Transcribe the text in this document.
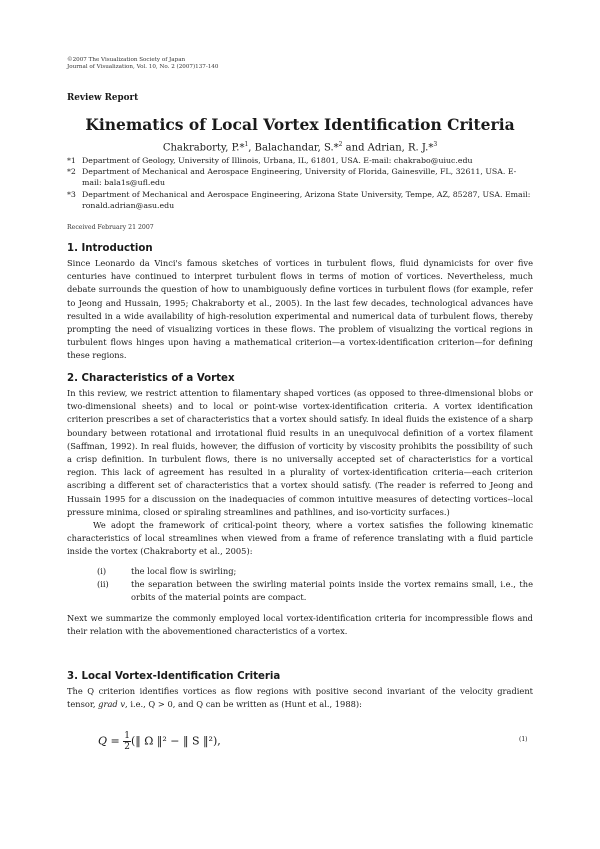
©2007 The Visualization Society of Japan
Journal of Visualization, Vol. 10, No. 2 (2007)137-140
Review Report
Kinematics of Local Vortex Identification Criteria
Chakraborty, P.*$^1$, Balachandar, S.*$^2$ and Adrian, R. J.*$^3$
*1 Department of Geology, University of Illinois, Urbana, IL, 61801, USA. E-mail: chakrabo@uiuc.edu
*2 Department of Mechanical and Aerospace Engineering, University of Florida, Gainesville, FL, 32611, USA. E-mail: bala1s@ufl.edu
*3 Department of Mechanical and Aerospace Engineering, Arizona State University, Tempe, AZ, 85287, USA. Email: ronald.adrian@asu.edu
Received February 21 2007
1. Introduction

Since Leonardo da Vinci's famous sketches of vortices in turbulent flows, fluid dynamicists for over five centuries have continued to interpret turbulent flows in terms of motion of vortices. Nevertheless, much debate surrounds the question of how to unambiguously define vortices in turbulent flows (for example, refer to Jeong and Hussain, 1995; Chakraborty et al., 2005). In the last few decades, technological advances have resulted in a wide availability of high-resolution experimental and numerical data of turbulent flows, thereby prompting the need of visualizing vortices in these flows. The problem of visualizing the vortical regions in turbulent flows hinges upon having a mathematical criterion—a vortex-identification criterion—for defining these regions.

2. Characteristics of a Vortex

In this review, we restrict attention to filamentary shaped vortices (as opposed to three-dimensional blobs or two-dimensional sheets) and to local or point-wise vortex-identification criteria. A vortex identification criterion prescribes a set of characteristics that a vortex should satisfy. In ideal fluids the existence of a sharp boundary between rotational and irrotational fluid results in an unequivocal definition of a vortex filament (Saffman, 1992). In real fluids, however, the diffusion of vorticity by viscosity prohibits the possibility of such a crisp definition. In turbulent flows, there is no universally accepted set of characteristics for a vortical region. This lack of agreement has resulted in a plurality of vortex-identification criteria—each criterion ascribing a different set of characteristics that a vortex should satisfy. (The reader is referred to Jeong and Hussain 1995 for a discussion on the inadequacies of common intuitive measures of detecting vortices--local pressure minima, closed or spiraling streamlines and pathlines, and iso-vorticity surfaces.)

We adopt the framework of critical-point theory, where a vortex satisfies the following kinematic characteristics of local streamlines when viewed from a frame of reference translating with a fluid particle inside the vortex (Chakraborty et al., 2005):

(i)	the local flow is swirling;
(ii)	the separation between the swirling material points inside the vortex remains small, i.e., the orbits of the material points are compact.

Next we summarize the commonly employed local vortex-identification criteria for incompressible flows and their relation with the abovementioned characteristics of a vortex.

3. Local Vortex-Identification Criteria

The Q criterion identifies vortices as flow regions with positive second invariant of the velocity gradient tensor, grad v, i.e., Q > 0, and Q can be written as (Hunt et al., 1988):

$Q = \frac{1}{2}$ (‖ Ω ‖² − ‖ S ‖²),	(1)
